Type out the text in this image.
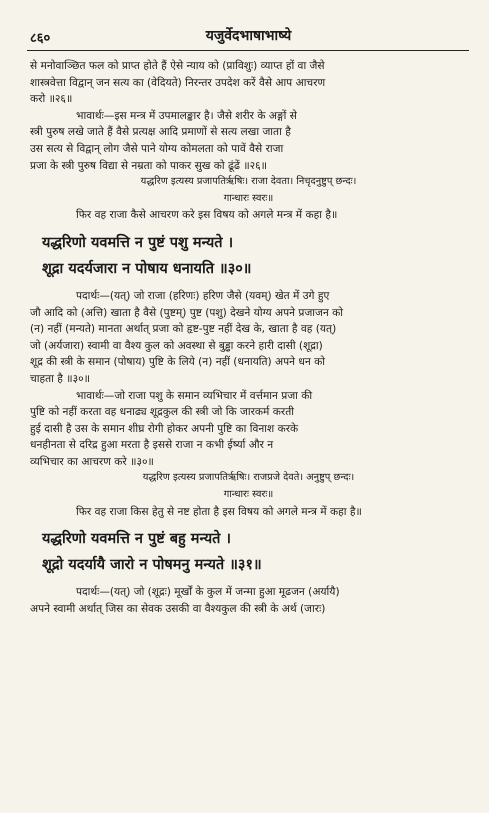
८६०	यजुर्वेदभाषाभाष्ये
से मनोवाञ्छित फल को प्राप्त होते हैं ऐसे न्याय को (प्राविशुः) व्याप्त हों वा जैसे
शास्त्रवेत्ता विद्वान् जन सत्य का (वेदियते) निरन्तर उपदेश करें वैसे आप आचरण
करो ॥२६॥
भावार्थः—इस मन्त्र में उपमालङ्कार है। जैसे शरीर के अङ्गों से
स्त्री पुरुष लखे जाते हैं वैसे प्रत्यक्ष आदि प्रमाणों से सत्य लखा जाता है
उस सत्य से विद्वान् लोग जैसे पाने योग्य कोमलता को पावें वैसे राजा
प्रजा के स्त्री पुरुष विद्या से नम्रता को पाकर सुख को ढूंढें ॥२६॥
यद्धरिण इत्यस्य प्रजापतिर्ऋषिः। राजा देवता। निचृदनुष्टुप् छन्दः।
गान्धारः स्वरः॥
फिर वह राजा कैसे आचरण करे इस विषय को अगले मन्त्र में कहा है॥
यद्धरिणो यवमत्ति न पुष्टं पशु मन्यते ।
शूद्रा यदर्यजारा न पोषाय धनायति ॥३०॥
पदार्थः—(यत्) जो राजा (हरिणः) हरिण जैसे (यवम्) खेत में उगे हुए
जौ आदि को (अत्ति) खाता है वैसे (पुष्टम्) पुष्ट (पशु) देखने योग्य अपने प्रजाजन को
(न) नहीं (मन्यते) मानता अर्थात् प्रजा को हृष्ट-पुष्ट नहीं देख के, खाता है वह (यत्)
जो (अर्यजारा) स्वामी वा वैश्य कुल को अवस्था से बुड्ढा करने हारी दासी (शूद्रा)
शूद्र की स्त्री के समान (पोषाय) पुष्टि के लिये (न) नहीं (धनायति) अपने धन को
चाहता है ॥३०॥
भावार्थः—जो राजा पशु के समान व्यभिचार में वर्त्तमान प्रजा की
पुष्टि को नहीं करता वह धनाढ्य शूद्रकुल की स्त्री जो कि जारकर्म करती
हुई दासी है उस के समान शीघ्र रोगी होकर अपनी पुष्टि का विनाश करके
धनहीनता से दरिद्र हुआ मरता है इससे राजा न कभी ईर्ष्या और न
व्यभिचार का आचरण करे ॥३०॥
यद्धरिण इत्यस्य प्रजापतिर्ऋषिः। राजप्रजे देवते। अनुष्टुप् छन्दः।
गान्धारः स्वरः॥
फिर वह राजा किस हेतु से नष्ट होता है इस विषय को अगले मन्त्र में कहा है॥
यद्धरिणो यवमत्ति न पुष्टं बहु मन्यते ।
शूद्रो यदर्यायै जारो न पोषमनु मन्यते ॥३१॥
पदार्थः—(यत्) जो (शूद्रः) मूर्खों के कुल में जन्मा हुआ मूढजन (अर्यायै)
अपने स्वामी अर्थात् जिस का सेवक उसकी वा वैश्यकुल की स्त्री के अर्थ (जारः)
